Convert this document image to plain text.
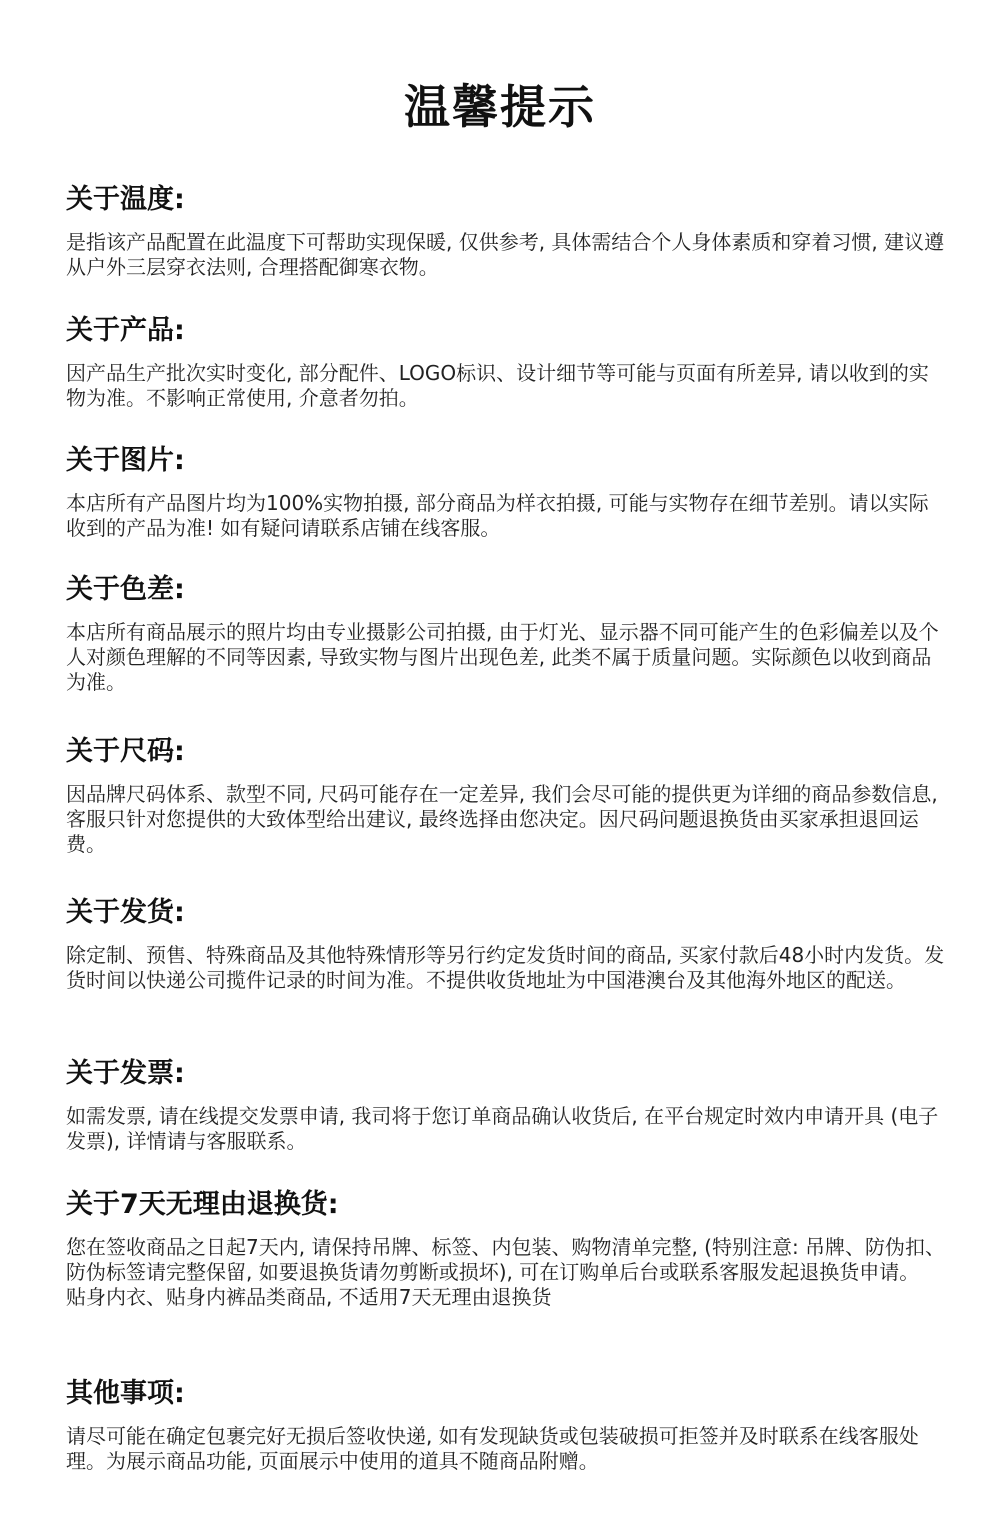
温馨提示
关于温度:

是指该产品配置在此温度下可帮助实现保暖, 仅供参考, 具体需结合个人身体素质和穿着习惯, 建议遵从户外三层穿衣法则, 合理搭配御寒衣物。

关于产品:

因产品生产批次实时变化, 部分配件、LOGO标识、设计细节等可能与页面有所差异, 请以收到的实物为准。不影响正常使用, 介意者勿拍。

关于图片:

本店所有产品图片均为100%实物拍摄, 部分商品为样衣拍摄, 可能与实物存在细节差别。请以实际收到的产品为准! 如有疑问请联系店铺在线客服。

关于色差:

本店所有商品展示的照片均由专业摄影公司拍摄, 由于灯光、显示器不同可能产生的色彩偏差以及个人对颜色理解的不同等因素, 导致实物与图片出现色差, 此类不属于质量问题。实际颜色以收到商品为准。

关于尺码:

因品牌尺码体系、款型不同, 尺码可能存在一定差异, 我们会尽可能的提供更为详细的商品参数信息, 客服只针对您提供的大致体型给出建议, 最终选择由您决定。因尺码问题退换货由买家承担退回运费。

关于发货:

除定制、预售、特殊商品及其他特殊情形等另行约定发货时间的商品, 买家付款后48小时内发货。发货时间以快递公司揽件记录的时间为准。不提供收货地址为中国港澳台及其他海外地区的配送。

关于发票:

如需发票, 请在线提交发票申请, 我司将于您订单商品确认收货后, 在平台规定时效内申请开具 (电子发票), 详情请与客服联系。

关于7天无理由退换货:

您在签收商品之日起7天内, 请保持吊牌、标签、内包装、购物清单完整, (特别注意: 吊牌、防伪扣、防伪标签请完整保留, 如要退换货请勿剪断或损坏), 可在订购单后台或联系客服发起退换货申请。
贴身内衣、贴身内裤品类商品, 不适用7天无理由退换货

其他事项:

请尽可能在确定包裹完好无损后签收快递, 如有发现缺货或包装破损可拒签并及时联系在线客服处理。为展示商品功能, 页面展示中使用的道具不随商品附赠。
